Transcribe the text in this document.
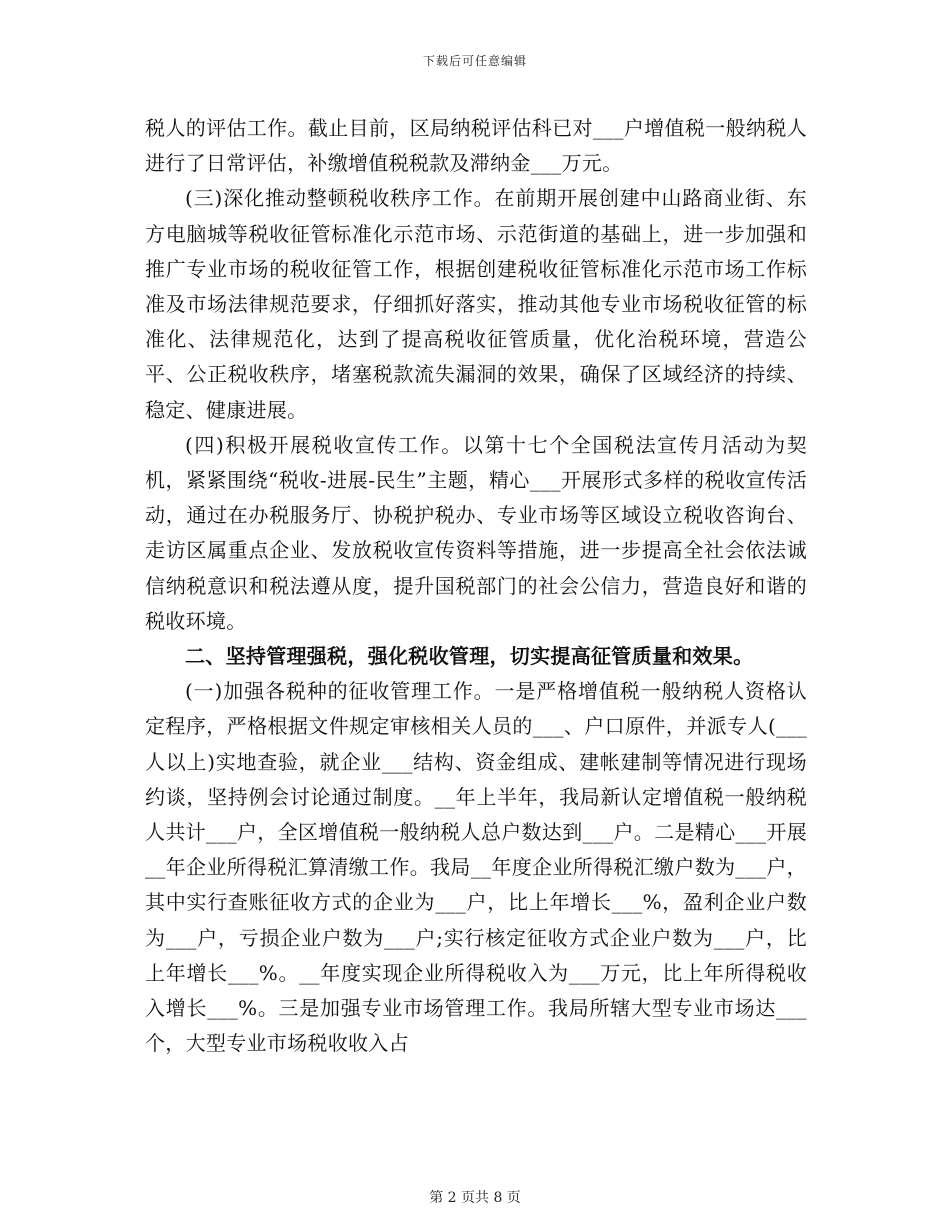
下载后可任意编辑

税人的评估工作。截止目前，区局纳税评估科已对___户增值税一般纳税人进行了日常评估，补缴增值税税款及滞纳金___万元。

(三)深化推动整顿税收秩序工作。在前期开展创建中山路商业街、东方电脑城等税收征管标准化示范市场、示范街道的基础上，进一步加强和推广专业市场的税收征管工作，根据创建税收征管标准化示范市场工作标准及市场法律规范要求，仔细抓好落实，推动其他专业市场税收征管的标准化、法律规范化，达到了提高税收征管质量，优化治税环境，营造公平、公正税收秩序，堵塞税款流失漏洞的效果，确保了区域经济的持续、稳定、健康进展。

(四)积极开展税收宣传工作。以第十七个全国税法宣传月活动为契机，紧紧围绕“税收-进展-民生”主题，精心___开展形式多样的税收宣传活动，通过在办税服务厅、协税护税办、专业市场等区域设立税收咨询台、走访区属重点企业、发放税收宣传资料等措施，进一步提高全社会依法诚信纳税意识和税法遵从度，提升国税部门的社会公信力，营造良好和谐的税收环境。

二、坚持管理强税，强化税收管理，切实提高征管质量和效果。

(一)加强各税种的征收管理工作。一是严格增值税一般纳税人资格认定程序，严格根据文件规定审核相关人员的___、户口原件，并派专人(___人以上)实地查验，就企业___结构、资金组成、建帐建制等情况进行现场约谈，坚持例会讨论通过制度。__年上半年，我局新认定增值税一般纳税人共计___户，全区增值税一般纳税人总户数达到___户。二是精心___开展__年企业所得税汇算清缴工作。我局__年度企业所得税汇缴户数为___户，其中实行查账征收方式的企业为___户，比上年增长___%，盈利企业户数为___户，亏损企业户数为___户;实行核定征收方式企业户数为___户，比上年增长___%。__年度实现企业所得税收入为___万元，比上年所得税收入增长___%。三是加强专业市场管理工作。我局所辖大型专业市场达___个，大型专业市场税收收入占

第 2 页共 8 页
